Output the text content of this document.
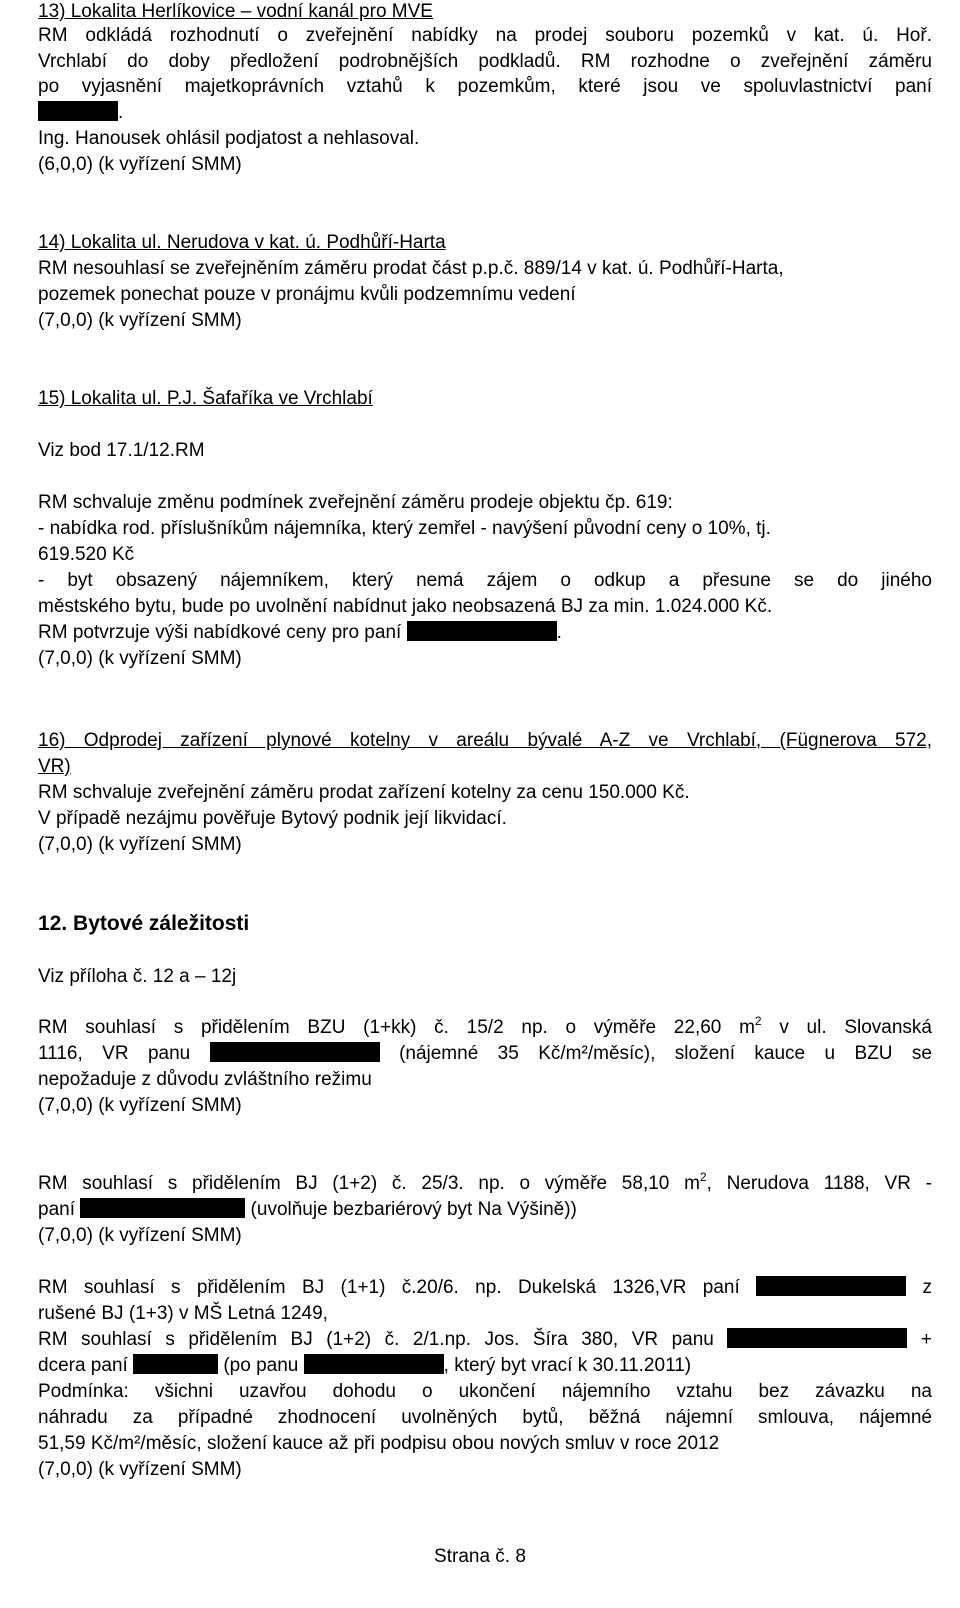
13) Lokalita Herlíkovice – vodní kanál pro MVE
RM odkládá rozhodnutí o zveřejnění nabídky na prodej souboru pozemků v kat. ú. Hoř.
Vrchlabí do doby předložení podrobnějších podkladů. RM rozhodne o zveřejnění záměru
po vyjasnění majetkoprávních vztahů k pozemkům, které jsou ve spoluvlastnictví paní
.
Ing. Hanousek ohlásil podjatost a nehlasoval.
(6,0,0) (k vyřízení SMM)
14) Lokalita ul. Nerudova v kat. ú. Podhůří-Harta
RM nesouhlasí se zveřejněním záměru prodat část p.p.č. 889/14 v kat. ú. Podhůří-Harta,
pozemek ponechat pouze v pronájmu kvůli podzemnímu vedení
(7,0,0) (k vyřízení SMM)
15) Lokalita ul. P.J. Šafaříka ve Vrchlabí
Viz bod 17.1/12.RM
RM schvaluje změnu podmínek zveřejnění záměru prodeje objektu čp. 619:
- nabídka rod. příslušníkům nájemníka, který zemřel - navýšení původní ceny o 10%, tj.
619.520 Kč
- byt obsazený nájemníkem, který nemá zájem o odkup a přesune se do jiného
městského bytu, bude po uvolnění nabídnut jako neobsazená BJ za min. 1.024.000 Kč.
RM potvrzuje výši nabídkové ceny pro paní	.
(7,0,0) (k vyřízení SMM)
16) Odprodej zařízení plynové kotelny v areálu bývalé A-Z ve Vrchlabí, (Fügnerova 572,
VR)
RM schvaluje zveřejnění záměru prodat zařízení kotelny za cenu 150.000 Kč.
V případě nezájmu pověřuje Bytový podnik její likvidací.
(7,0,0) (k vyřízení SMM)
12. Bytové záležitosti
Viz příloha č. 12 a – 12j
RM souhlasí s přidělením BZU (1+kk) č. 15/2 np. o výměře 22,60 $m^2$ v ul. Slovanská
1116, VR panu	(nájemné 35 Kč/m²/měsíc), složení kauce u BZU se
nepožaduje z důvodu zvláštního režimu
(7,0,0) (k vyřízení SMM)
RM souhlasí s přidělením BJ (1+2) č. 25/3. np. o výměře 58,10 $m^2$, Nerudova 1188, VR -
paní	(uvolňuje bezbariérový byt Na Výšině))
(7,0,0) (k vyřízení SMM)
RM souhlasí s přidělením BJ (1+1) č.20/6. np. Dukelská 1326,VR paní	z
rušené BJ (1+3) v MŠ Letná 1249,
RM souhlasí s přidělením BJ (1+2) č. 2/1.np. Jos. Šíra 380, VR panu	+
dcera paní	(po panu	, který byt vrací k 30.11.2011)
Podmínka: všichni uzavřou dohodu o ukončení nájemního vztahu bez závazku na
náhradu za případné zhodnocení uvolněných bytů, běžná nájemní smlouva, nájemné
51,59 Kč/m²/měsíc, složení kauce až při podpisu obou nových smluv v roce 2012
(7,0,0) (k vyřízení SMM)
Strana č. 8
